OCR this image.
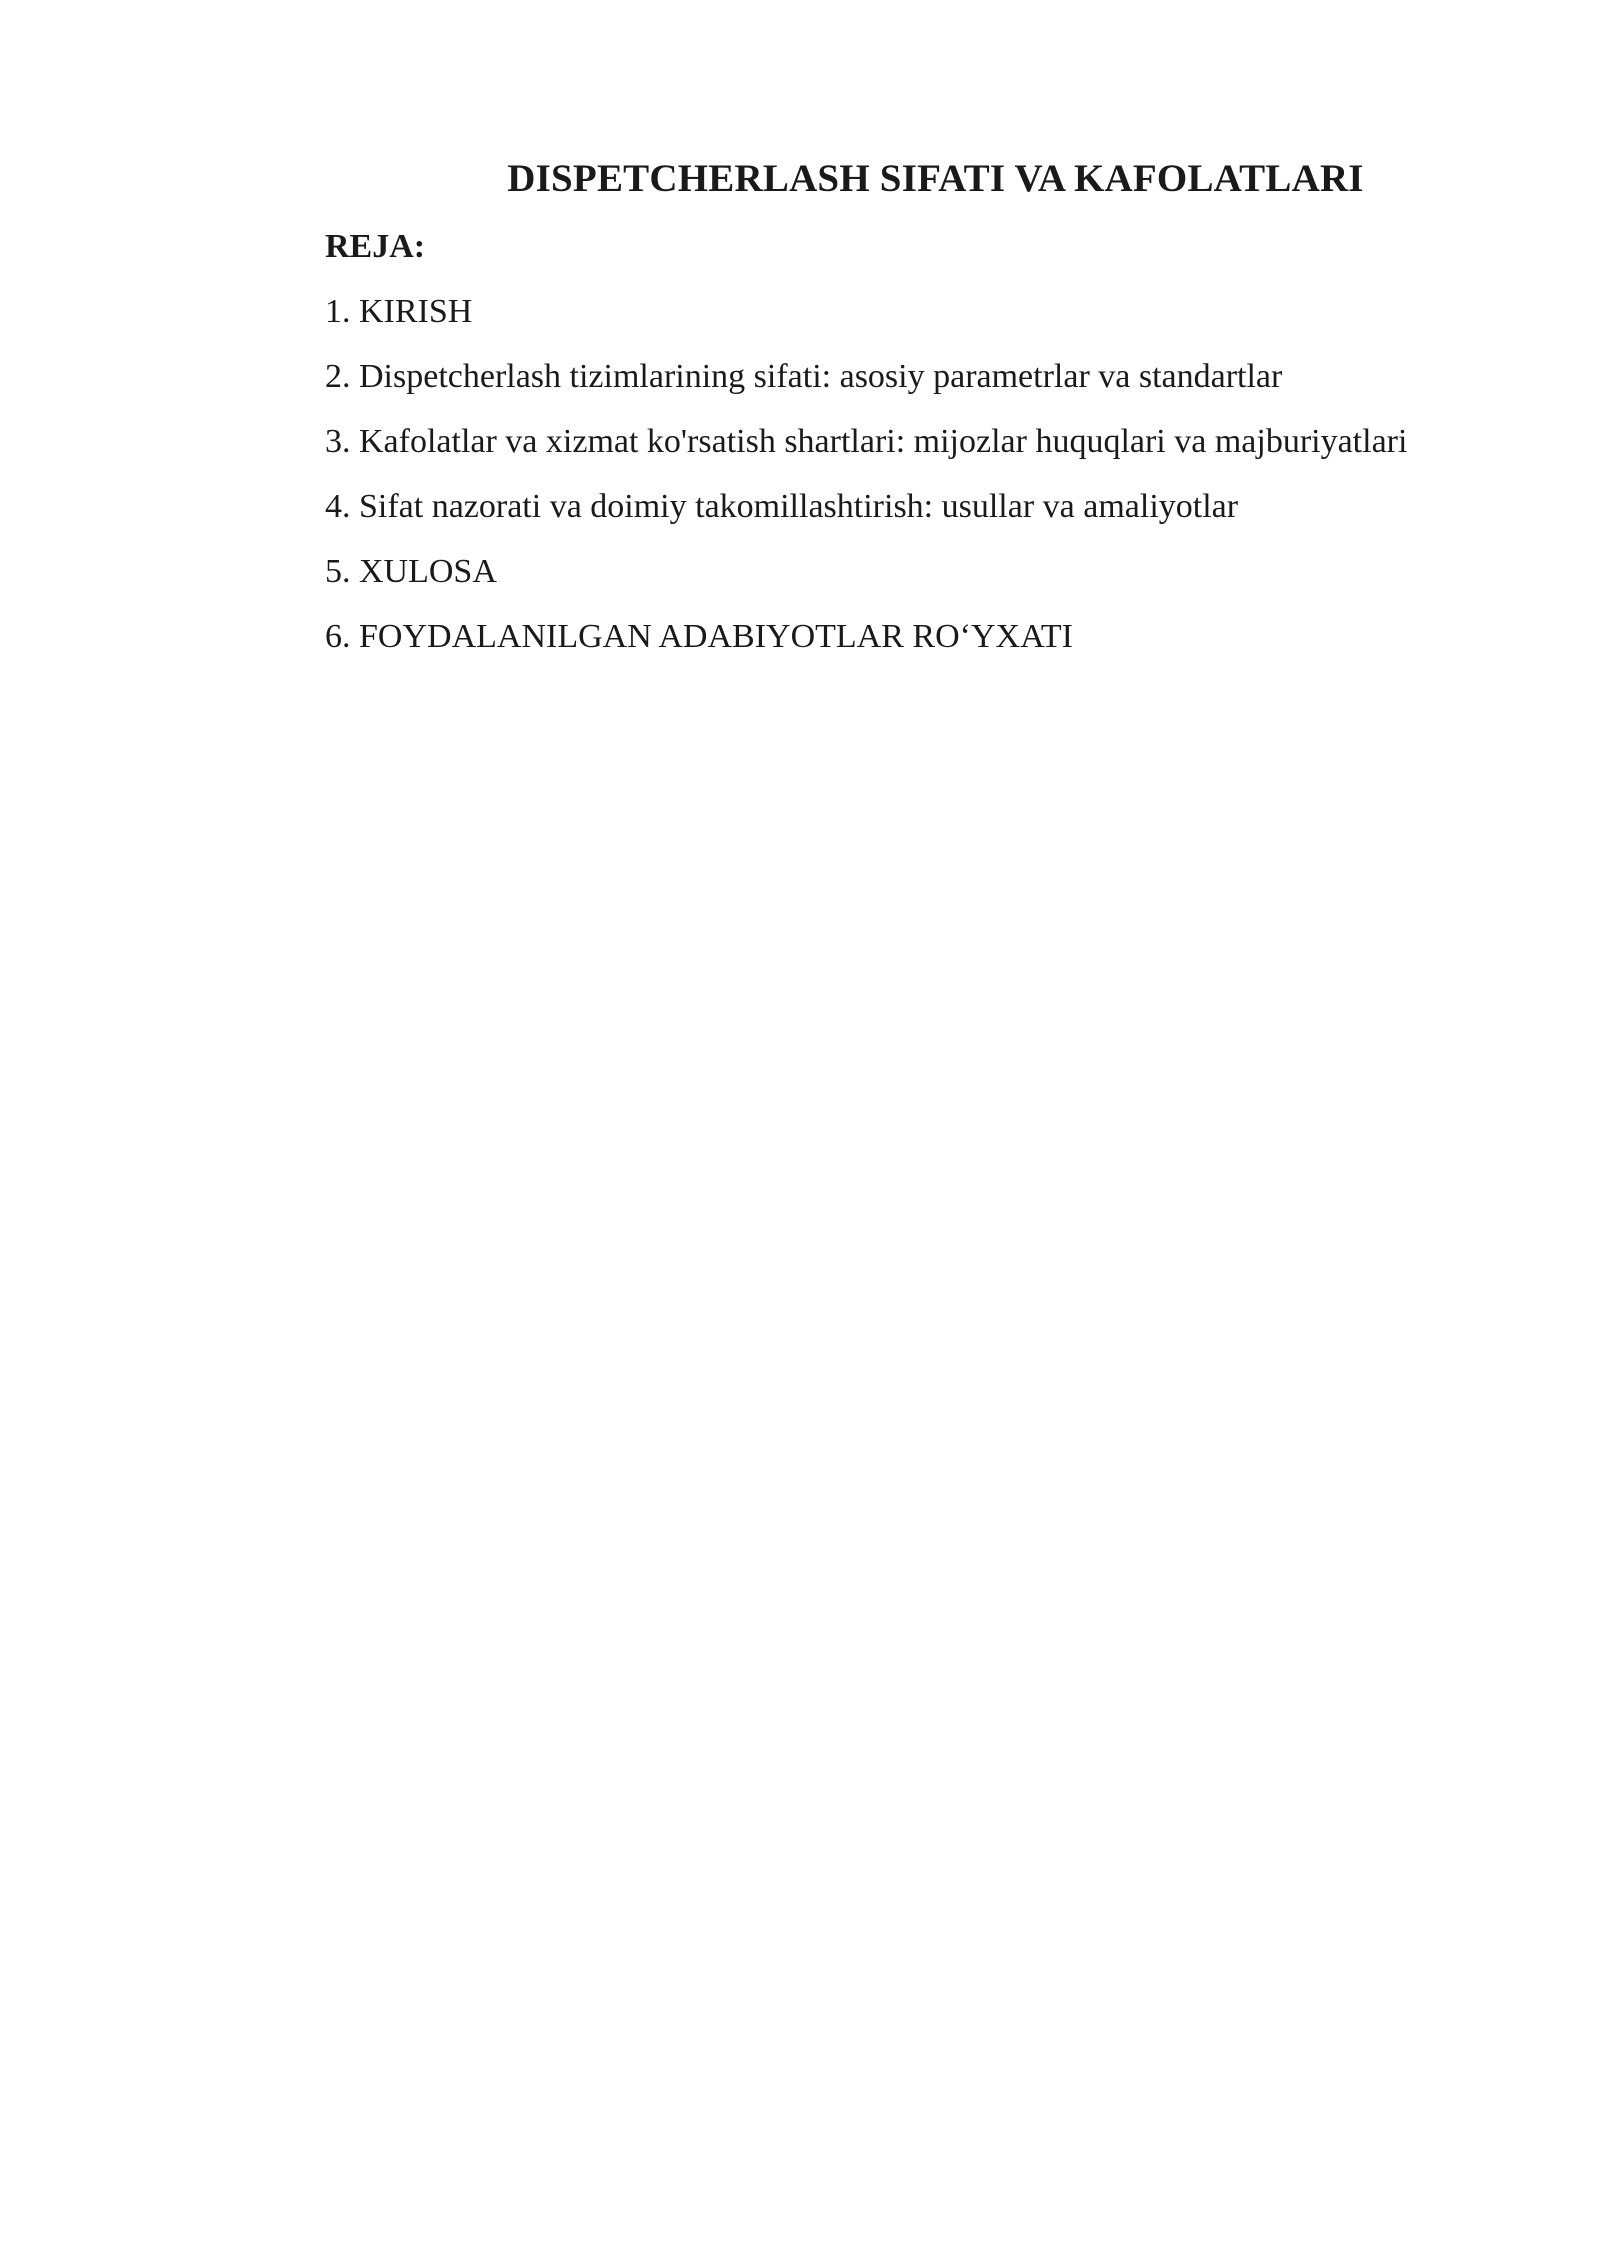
DISPETCHERLASH SIFATI VA KAFOLATLARI

REJA:

1. KIRISH
2. Dispetcherlash tizimlarining sifati: asosiy parametrlar va standartlar
3. Kafolatlar va xizmat ko'rsatish shartlari: mijozlar huquqlari va majburiyatlari
4. Sifat nazorati va doimiy takomillashtirish: usullar va amaliyotlar
5. XULOSA
6. FOYDALANILGAN ADABIYOTLAR RO‘YXATI
